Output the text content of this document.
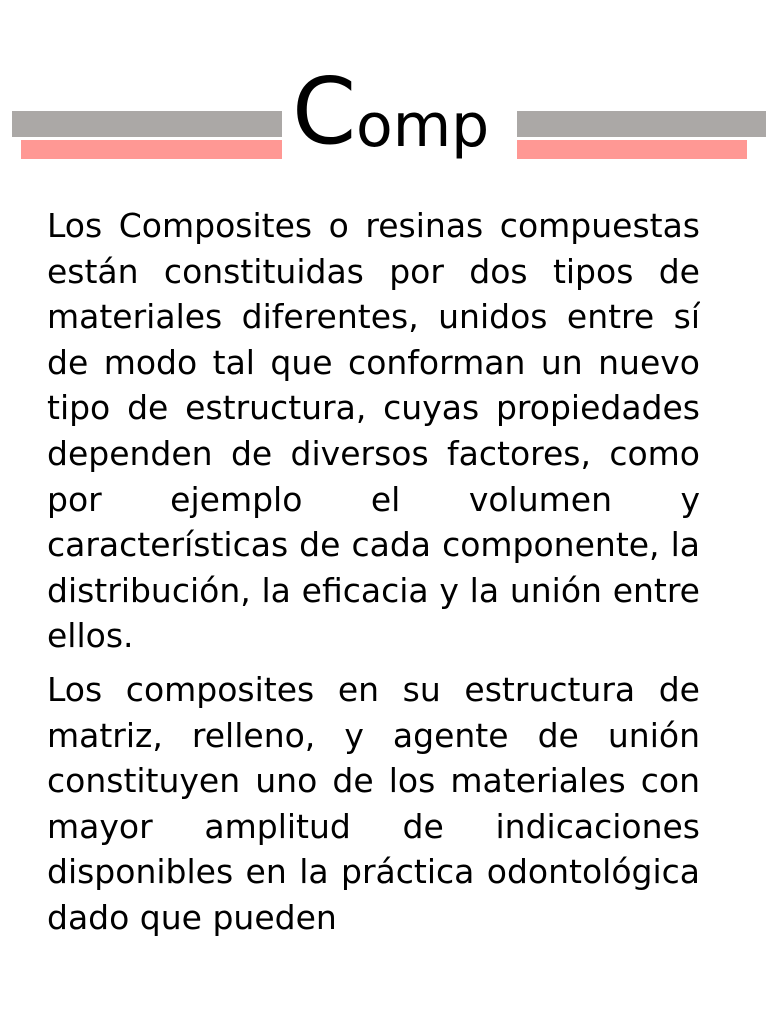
C omp

Los Composites o resinas compuestas están constituidas por dos tipos de materiales diferentes, unidos entre sí de modo tal que conforman un nuevo tipo de estructura, cuyas propiedades dependen de diversos factores, como por ejemplo el volumen y características de cada componente, la distribución, la eficacia y la unión entre ellos.

Los composites en su estructura de matriz, relleno, y agente de unión constituyen uno de los materiales con mayor amplitud de indicaciones disponibles en la práctica odontológica dado que pueden
